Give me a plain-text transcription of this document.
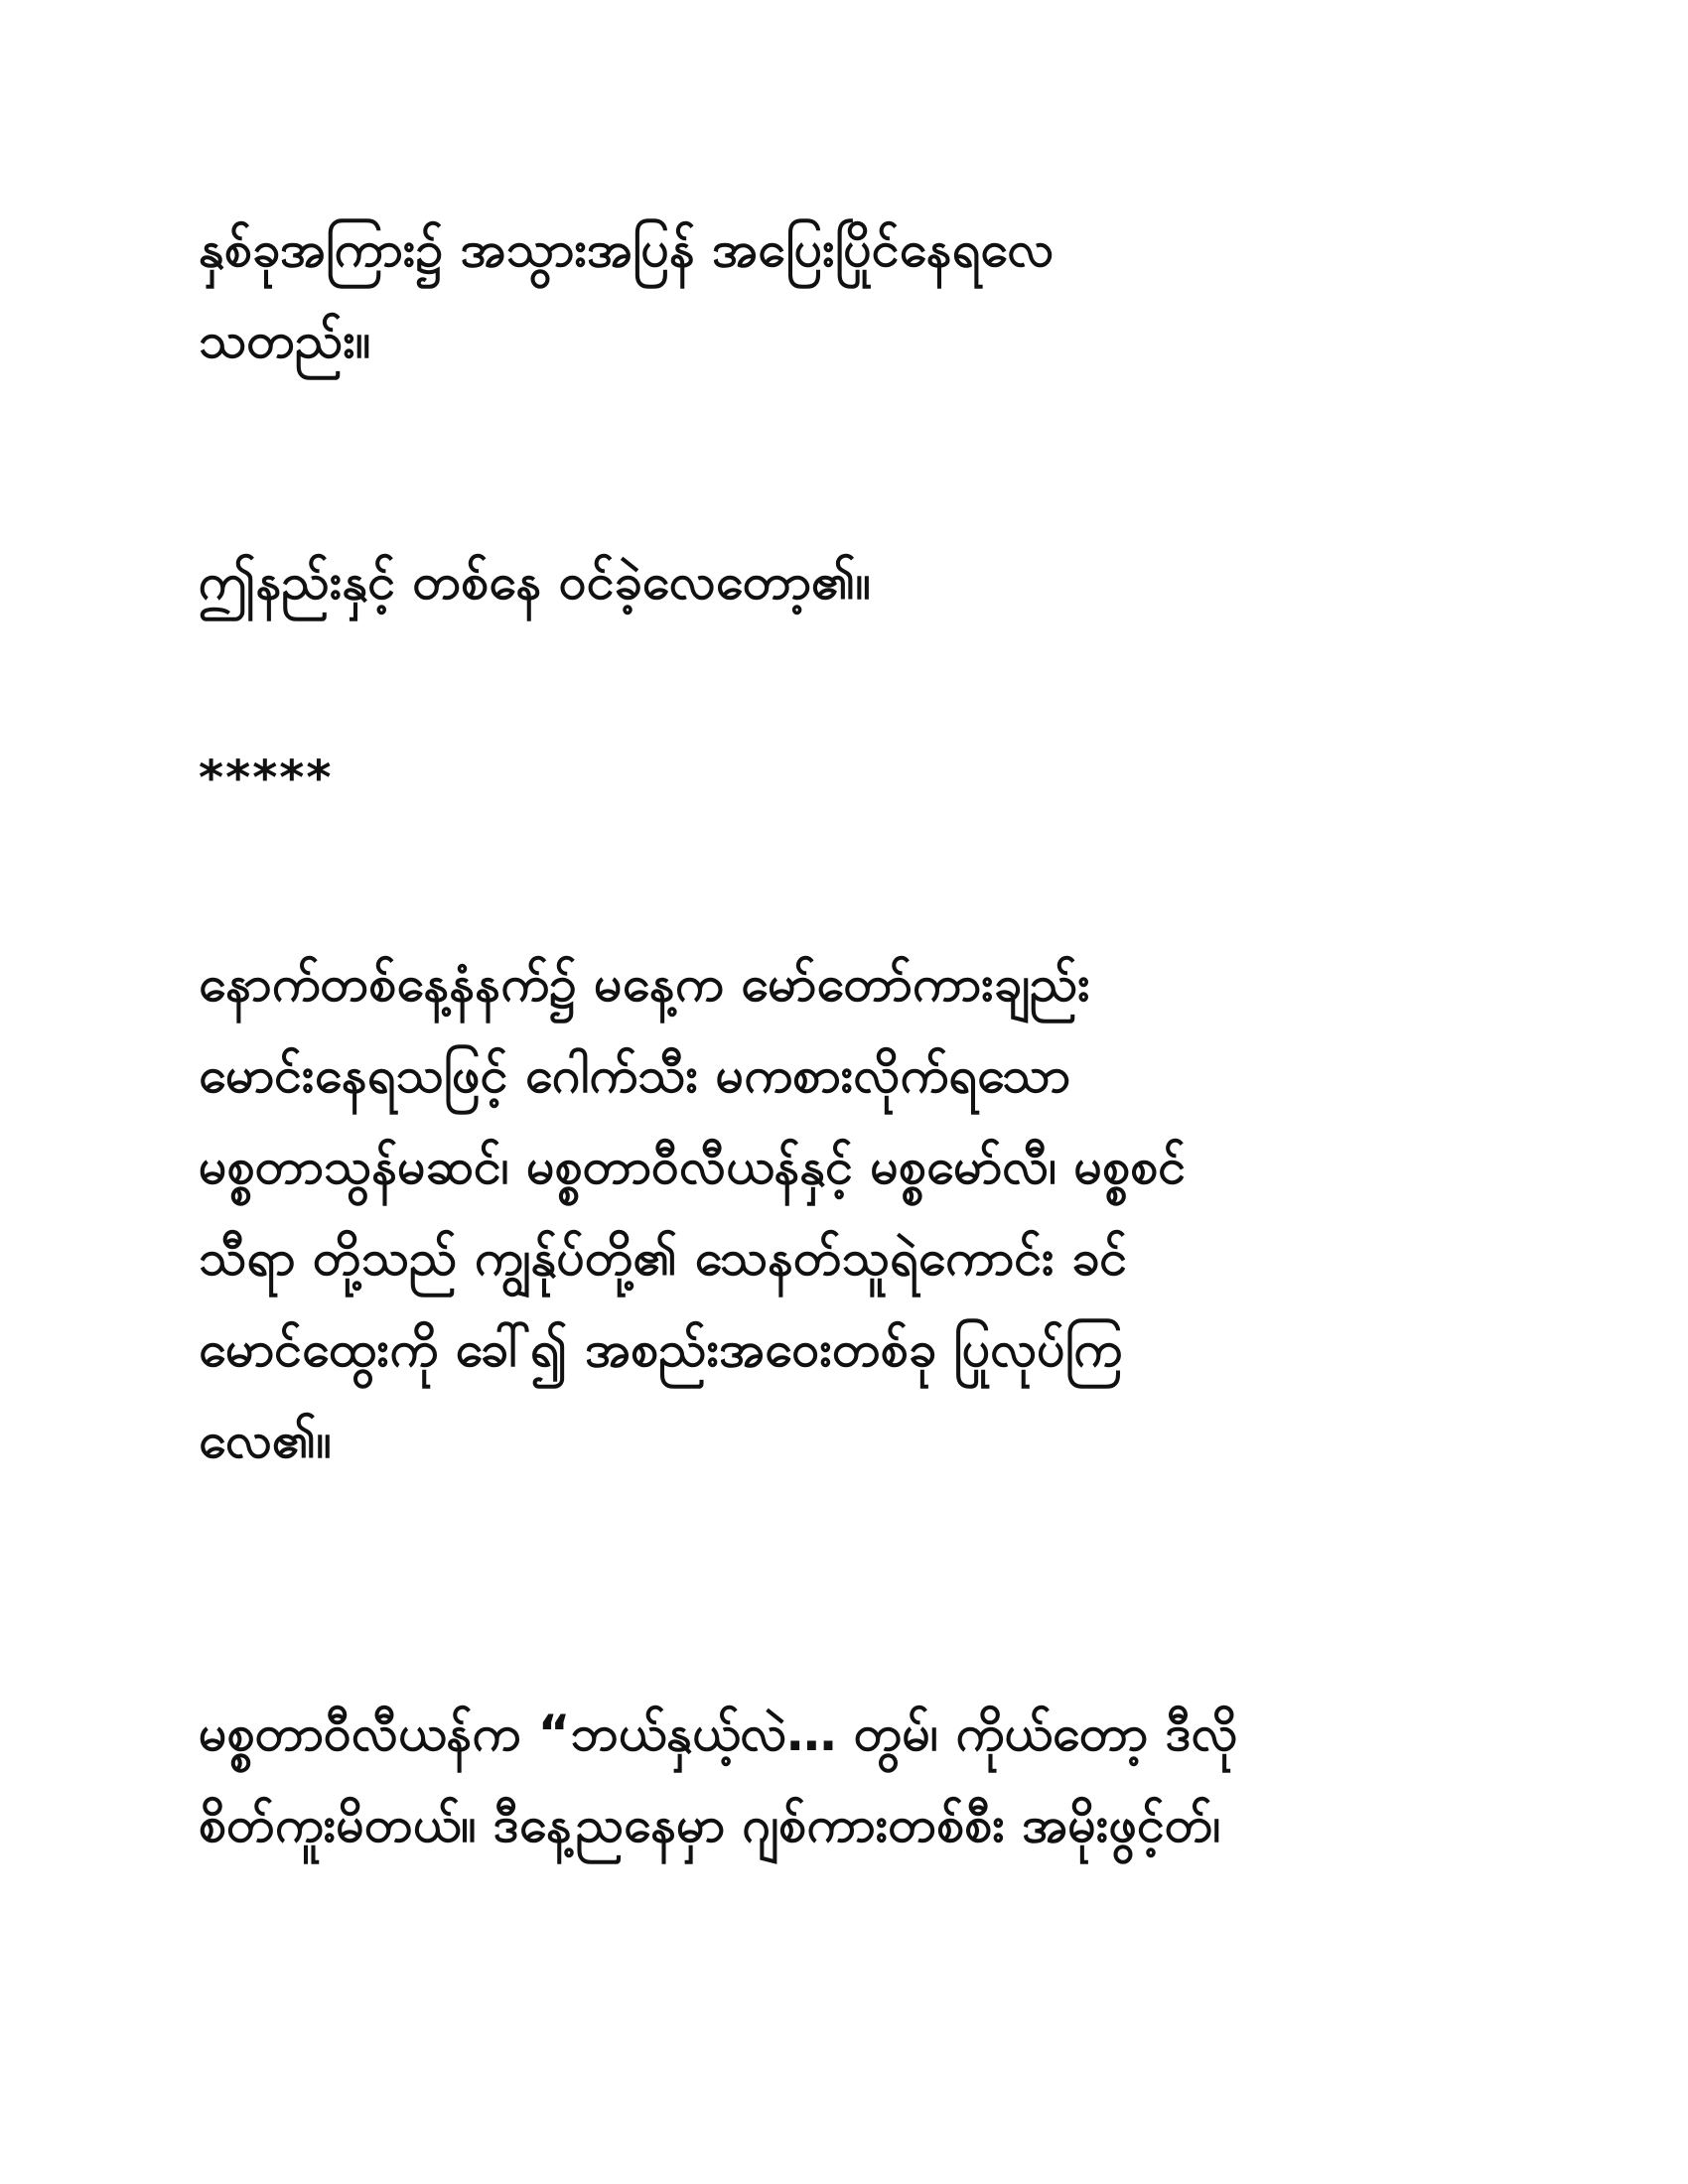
နှစ်ခုအကြား၌ အသွားအပြန် အပြေးပြိုင်နေရလေ
သတည်း။
ဤနည်းနှင့် တစ်နေ ဝင်ခဲ့လေတော့၏။
*****
နောက်တစ်နေ့နံနက်၌ မနေ့က မော်တော်ကားချည်း
မောင်းနေရသဖြင့် ဂေါက်သီး မကစားလိုက်ရသော
မစ္စတာသွန်မဆင်၊ မစ္စတာဝီလီယန်နှင့် မစ္စမော်လီ၊ မစ္စစင်
သီရာ တို့သည် ကျွန်ုပ်တို့၏ သေနတ်သူရဲကောင်း ခင်
မောင်ထွေးကို ခေါ်၍ အစည်းအဝေးတစ်ခု ပြုလုပ်ကြ
လေ၏။
မစ္စတာဝီလီယန်က “ဘယ်နှယ့်လဲ… တွမ်၊ ကိုယ်တော့ ဒီလို
စိတ်ကူးမိတယ်။ ဒီနေ့ညနေမှာ ဂျစ်ကားတစ်စီး အမိုးဖွင့်တ်၊
